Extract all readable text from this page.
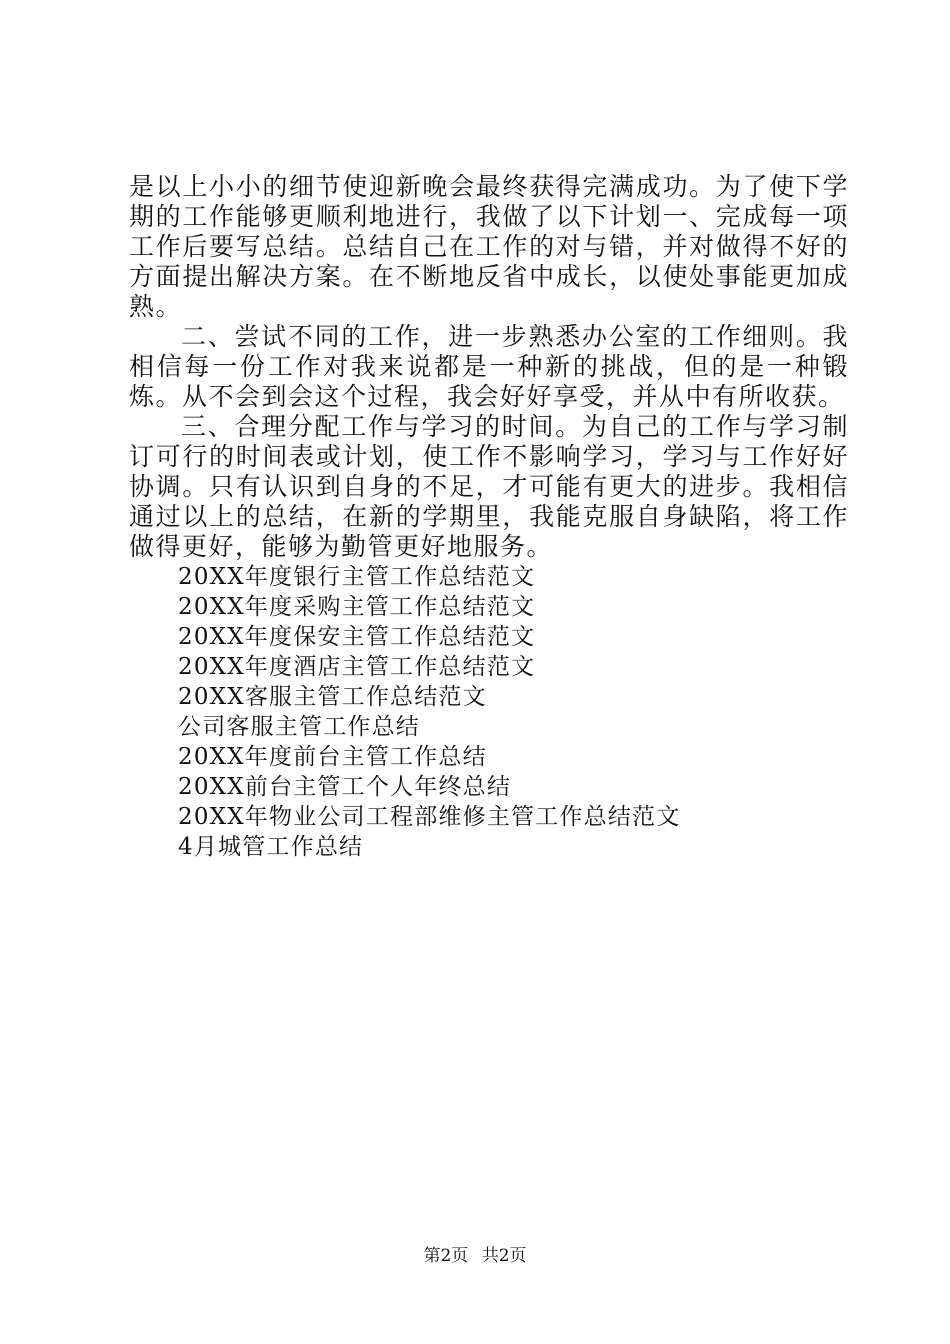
是以上小小的细节使迎新晚会最终获得完满成功。为了使下学期的工作能够更顺利地进行，我做了以下计划一、完成每一项工作后要写总结。总结自己在工作的对与错，并对做得不好的方面提出解决方案。在不断地反省中成长，以使处事能更加成熟。

二、尝试不同的工作，进一步熟悉办公室的工作细则。我相信每一份工作对我来说都是一种新的挑战，但的是一种锻炼。从不会到会这个过程，我会好好享受，并从中有所收获。

三、合理分配工作与学习的时间。为自己的工作与学习制订可行的时间表或计划，使工作不影响学习，学习与工作好好协调。只有认识到自身的不足，才可能有更大的进步。我相信通过以上的总结，在新的学期里，我能克服自身缺陷，将工作做得更好，能够为勤管更好地服务。

20XX年度银行主管工作总结范文
20XX年度采购主管工作总结范文
20XX年度保安主管工作总结范文
20XX年度酒店主管工作总结范文
20XX客服主管工作总结范文
公司客服主管工作总结
20XX年度前台主管工作总结
20XX前台主管工个人年终总结
20XX年物业公司工程部维修主管工作总结范文
4月城管工作总结
第2页 共2页
